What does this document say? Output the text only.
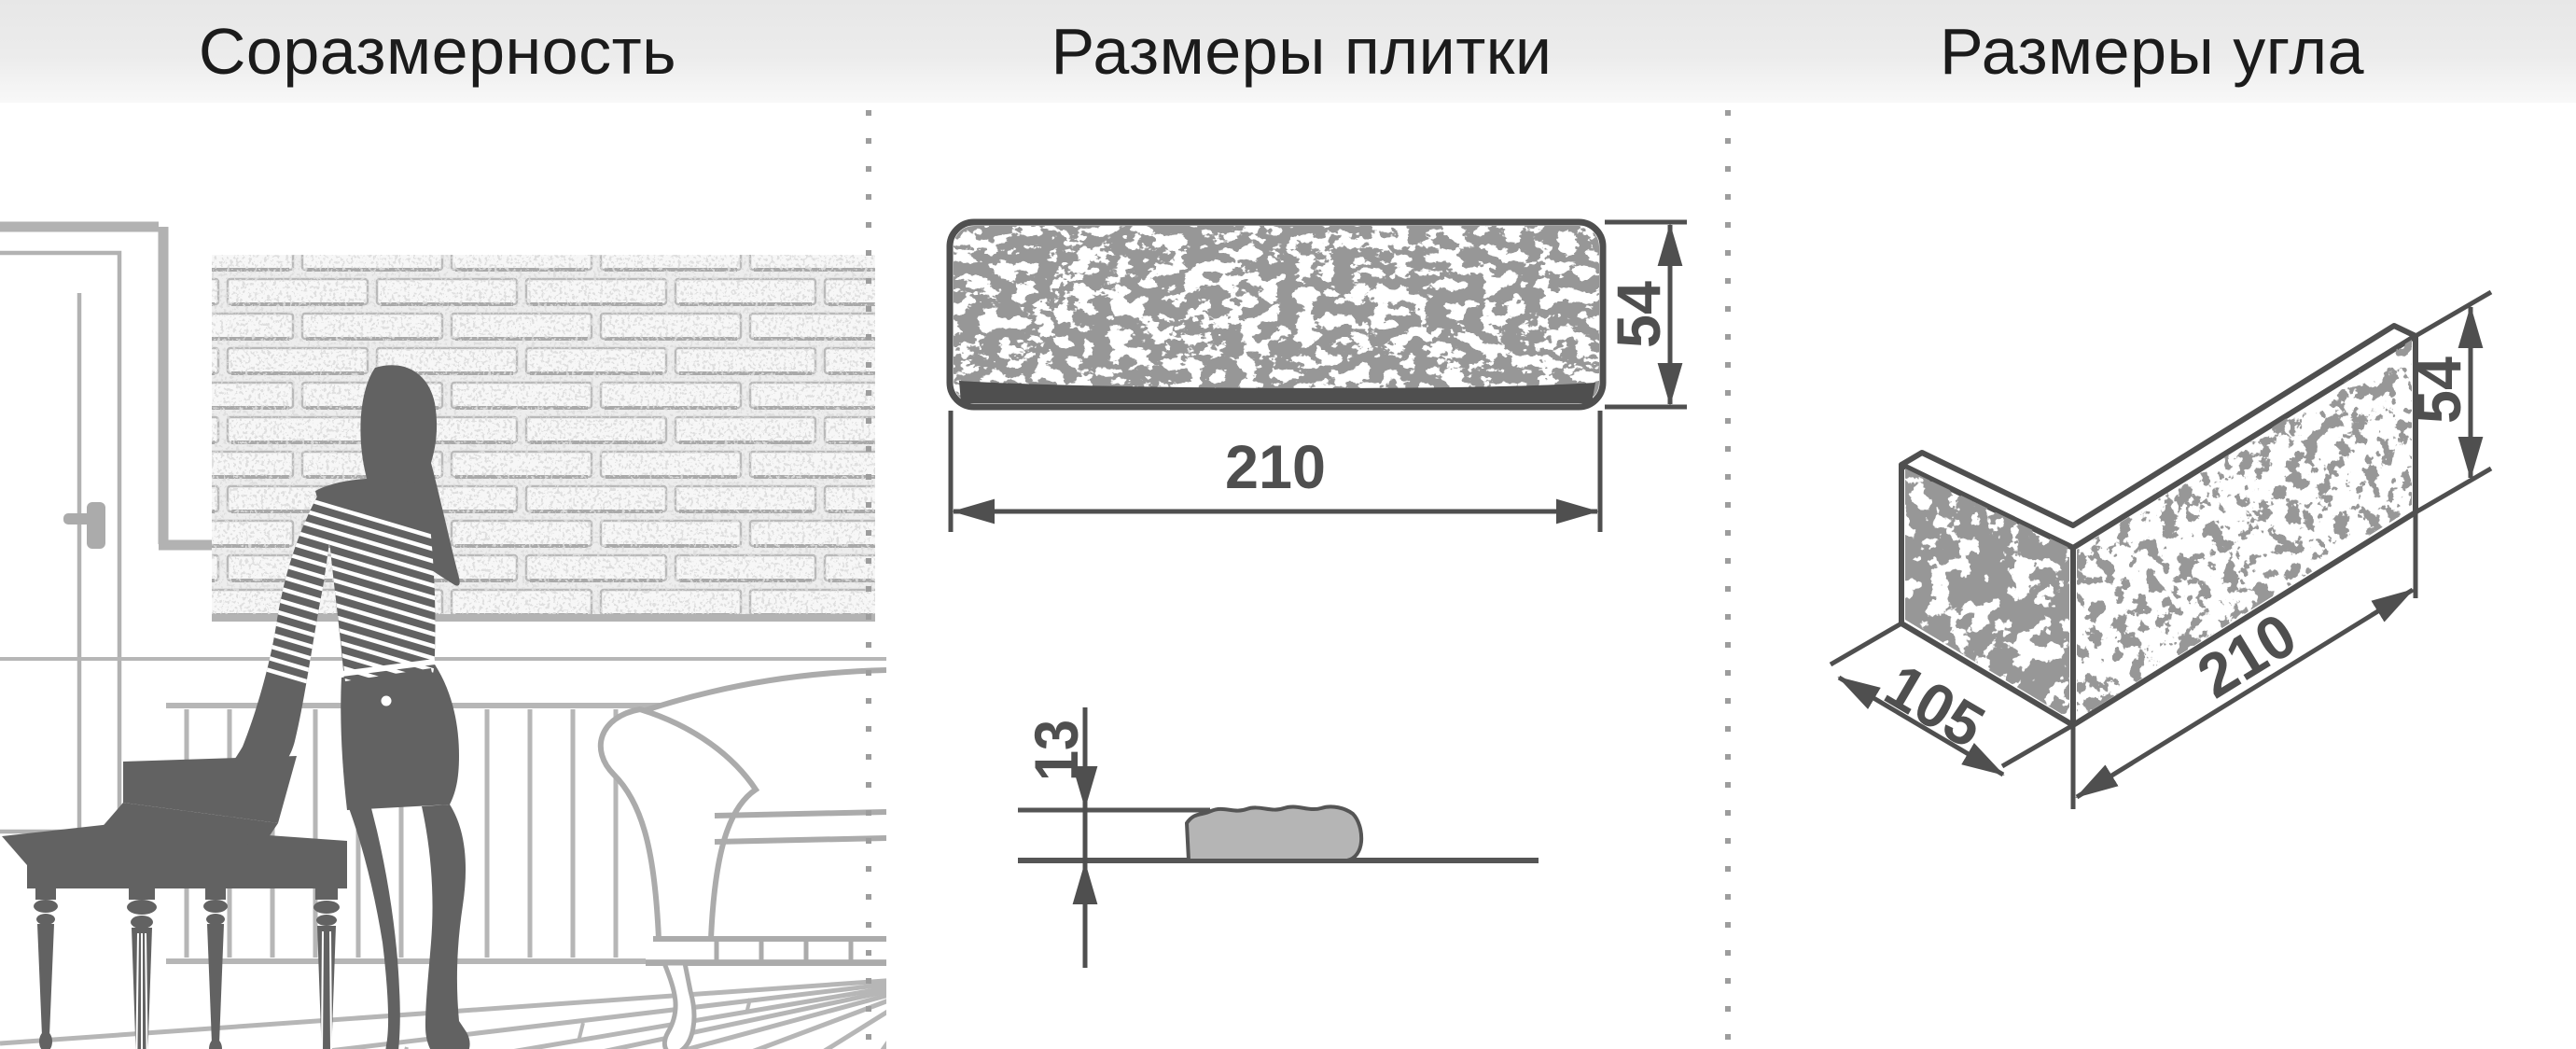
Соразмерность	Размеры плитки	Размеры угла
210
54
13
54
210
105
